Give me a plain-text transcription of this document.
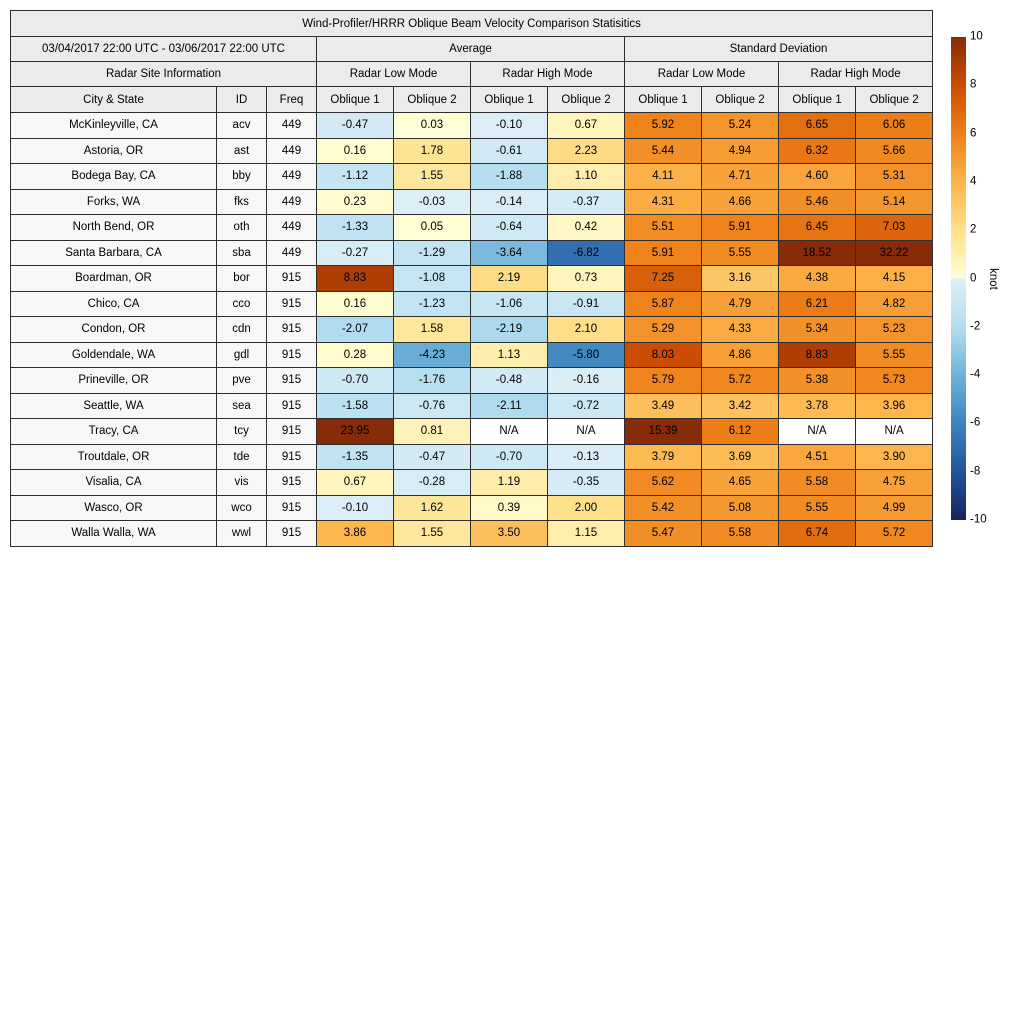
Wind-Profiler/HRRR Oblique Beam Velocity Comparison Statisitics										
03/04/2017 22:00 UTC - 03/06/2017 22:00 UTC			Average				Standard Deviation			
Radar Site Information			Radar Low Mode		Radar High Mode		Radar Low Mode		Radar High Mode	
City & State	ID	Freq	Oblique 1	Oblique 2	Oblique 1	Oblique 2	Oblique 1	Oblique 2	Oblique 1	Oblique 2
McKinleyville, CA	acv	449	-0.47	0.03	-0.10	0.67	5.92	5.24	6.65	6.06
Astoria, OR	ast	449	0.16	1.78	-0.61	2.23	5.44	4.94	6.32	5.66
Bodega Bay, CA	bby	449	-1.12	1.55	-1.88	1.10	4.11	4.71	4.60	5.31
Forks, WA	fks	449	0.23	-0.03	-0.14	-0.37	4.31	4.66	5.46	5.14
North Bend, OR	oth	449	-1.33	0.05	-0.64	0.42	5.51	5.91	6.45	7.03
Santa Barbara, CA	sba	449	-0.27	-1.29	-3.64	-6.82	5.91	5.55	18.52	32.22
Boardman, OR	bor	915	8.83	-1.08	2.19	0.73	7.25	3.16	4.38	4.15
Chico, CA	cco	915	0.16	-1.23	-1.06	-0.91	5.87	4.79	6.21	4.82
Condon, OR	cdn	915	-2.07	1.58	-2.19	2.10	5.29	4.33	5.34	5.23
Goldendale, WA	gdl	915	0.28	-4.23	1.13	-5.80	8.03	4.86	8.83	5.55
Prineville, OR	pve	915	-0.70	-1.76	-0.48	-0.16	5.79	5.72	5.38	5.73
Seattle, WA	sea	915	-1.58	-0.76	-2.11	-0.72	3.49	3.42	3.78	3.96
Tracy, CA	tcy	915	23.95	0.81	N/A	N/A	15.39	6.12	N/A	N/A
Troutdale, OR	tde	915	-1.35	-0.47	-0.70	-0.13	3.79	3.69	4.51	3.90
Visalia, CA	vis	915	0.67	-0.28	1.19	-0.35	5.62	4.65	5.58	4.75
Wasco, OR	wco	915	-0.10	1.62	0.39	2.00	5.42	5.08	5.55	4.99
Walla Walla, WA	wwl	915	3.86	1.55	3.50	1.15	5.47	5.58	6.74	5.72
10
8
6
4
2
0
-2
-4
-6
-8
-10
knot
